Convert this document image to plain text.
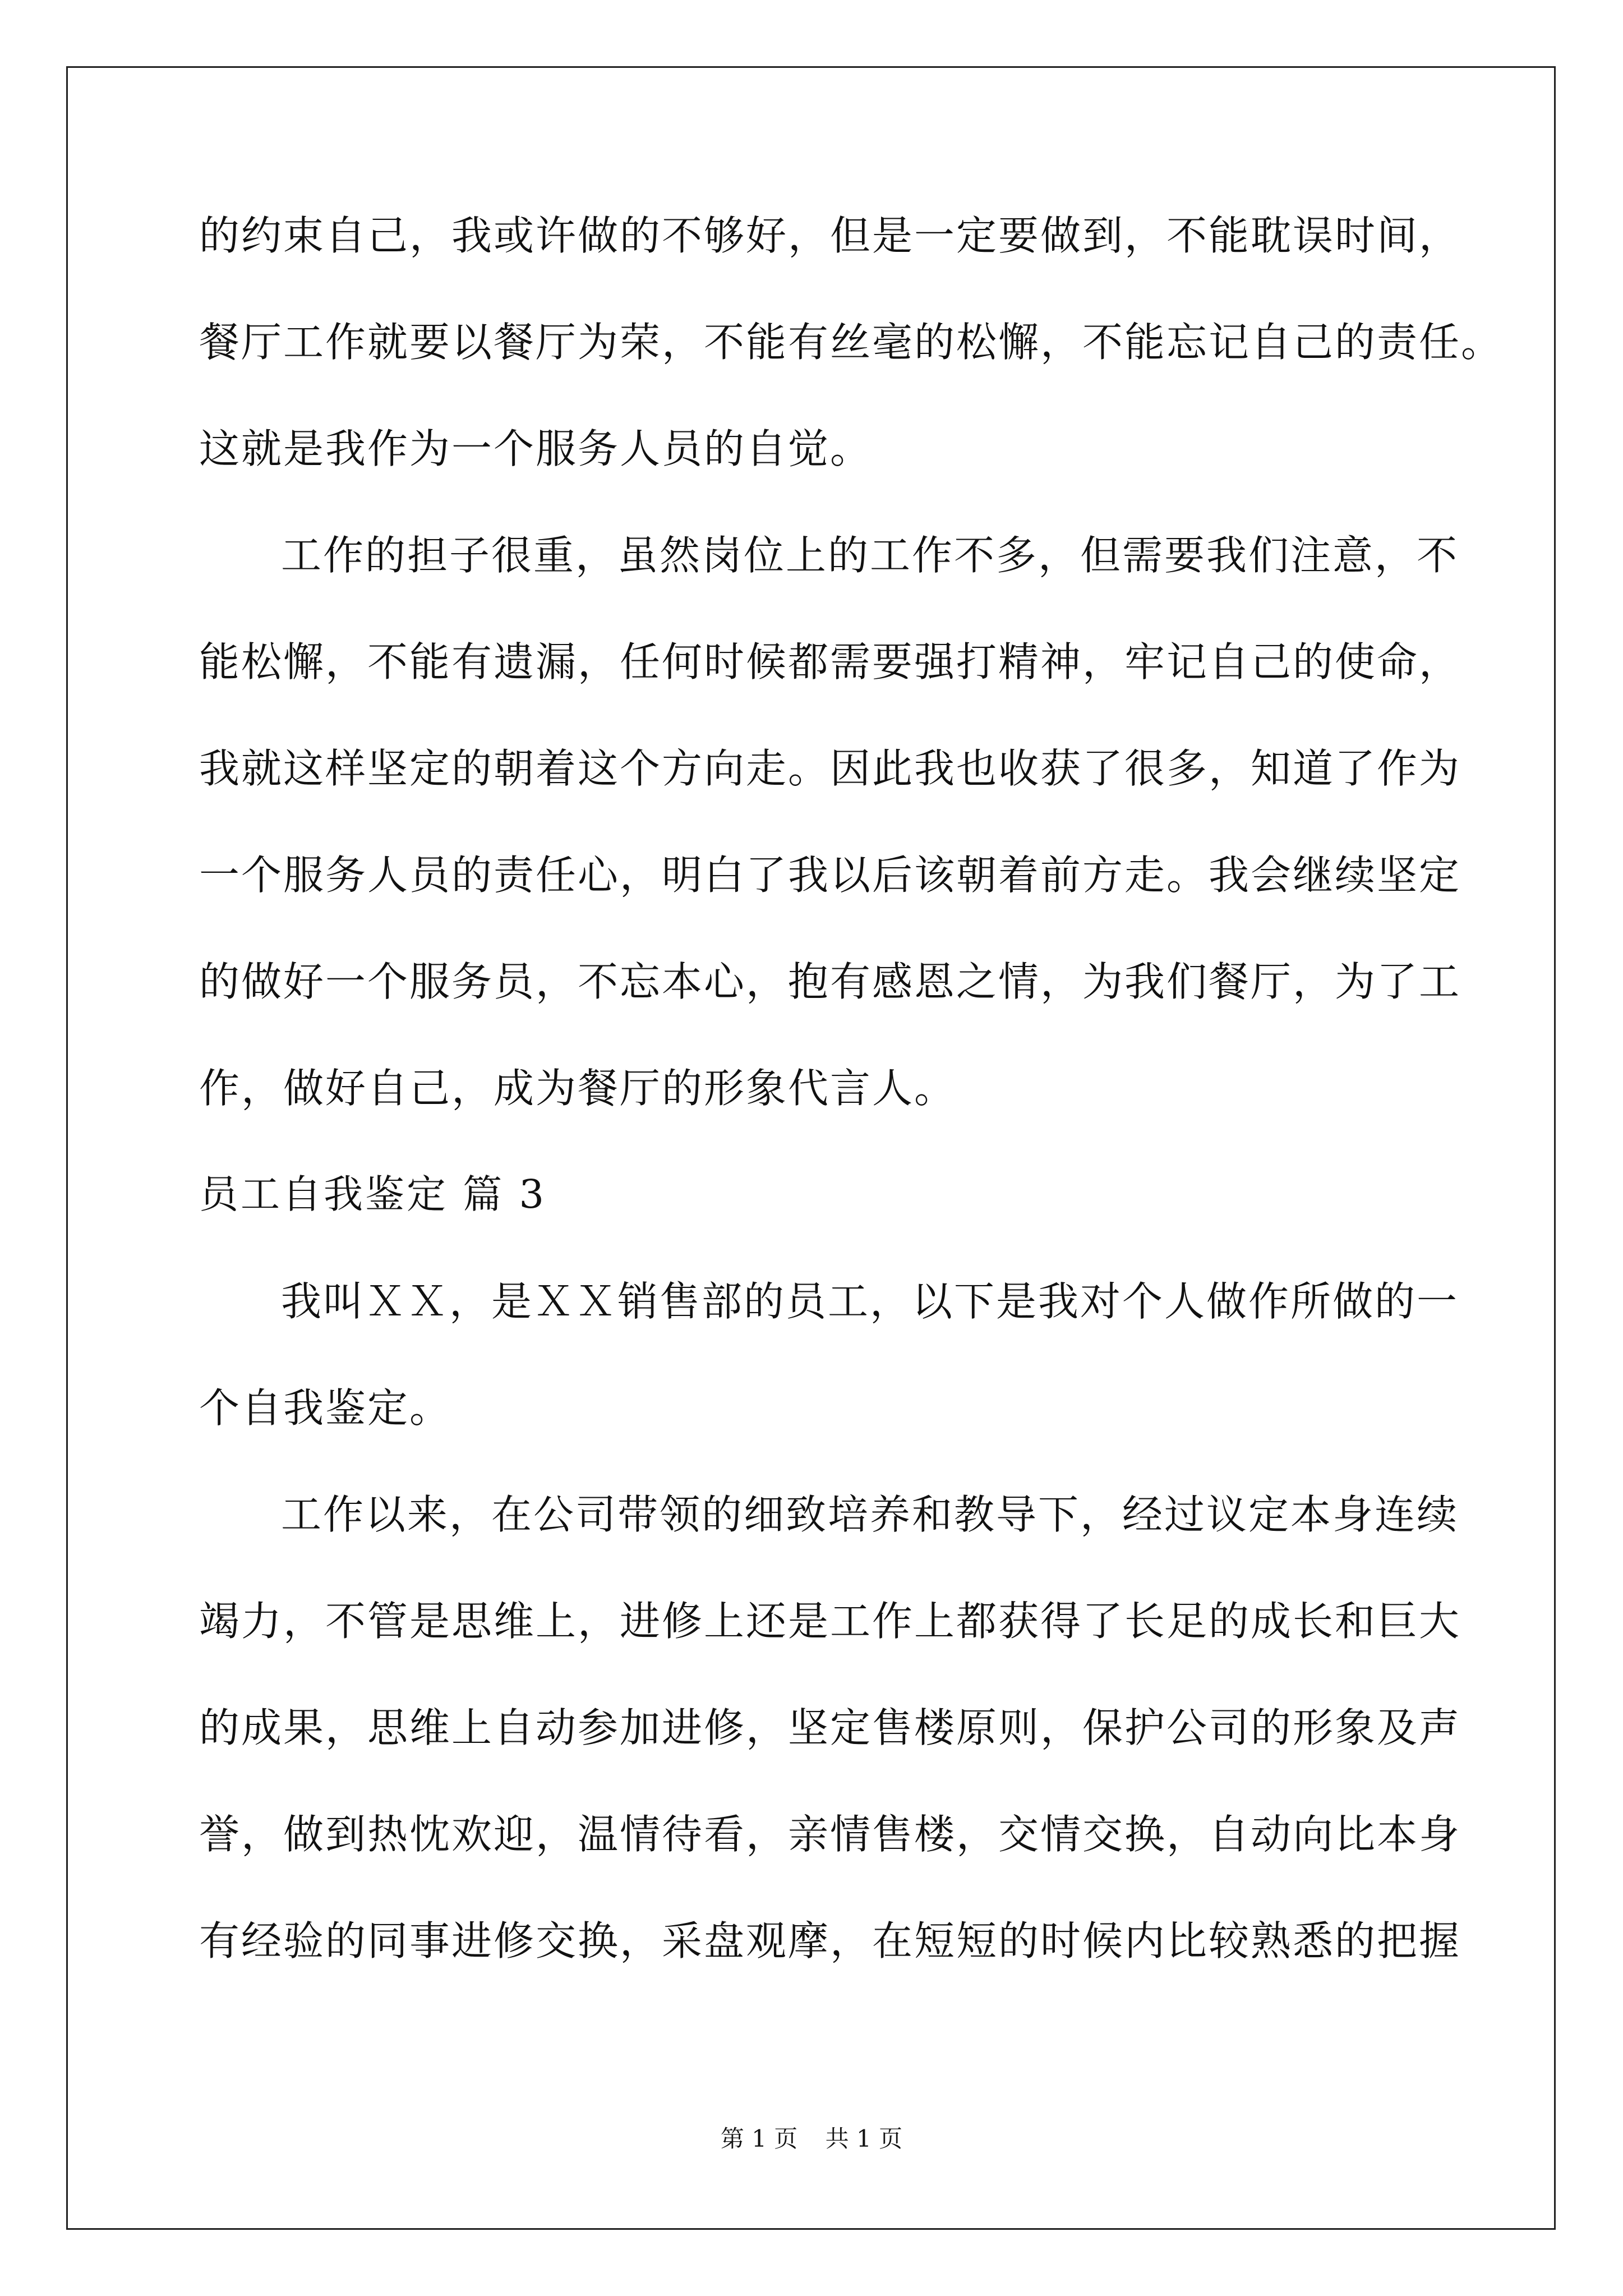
的约束自己，我或许做的不够好，但是一定要做到，不能耽误时间，
餐厅工作就要以餐厅为荣，不能有丝毫的松懈，不能忘记自己的责任。
这就是我作为一个服务人员的自觉。
工作的担子很重，虽然岗位上的工作不多，但需要我们注意，不
能松懈，不能有遗漏，任何时候都需要强打精神，牢记自己的使命，
我就这样坚定的朝着这个方向走。因此我也收获了很多，知道了作为
一个服务人员的责任心，明白了我以后该朝着前方走。我会继续坚定
的做好一个服务员，不忘本心，抱有感恩之情，为我们餐厅，为了工
作，做好自己，成为餐厅的形象代言人。
员工自我鉴定 篇 3
我叫ＸＸ，是ＸＸ销售部的员工，以下是我对个人做作所做的一
个自我鉴定。
工作以来，在公司带领的细致培养和教导下，经过议定本身连续
竭力，不管是思维上，进修上还是工作上都获得了长足的成长和巨大
的成果，思维上自动参加进修，坚定售楼原则，保护公司的形象及声
誉，做到热忱欢迎，温情待看，亲情售楼，交情交换，自动向比本身
有经验的同事进修交换，采盘观摩，在短短的时候内比较熟悉的把握
第 1 页 共 1 页
